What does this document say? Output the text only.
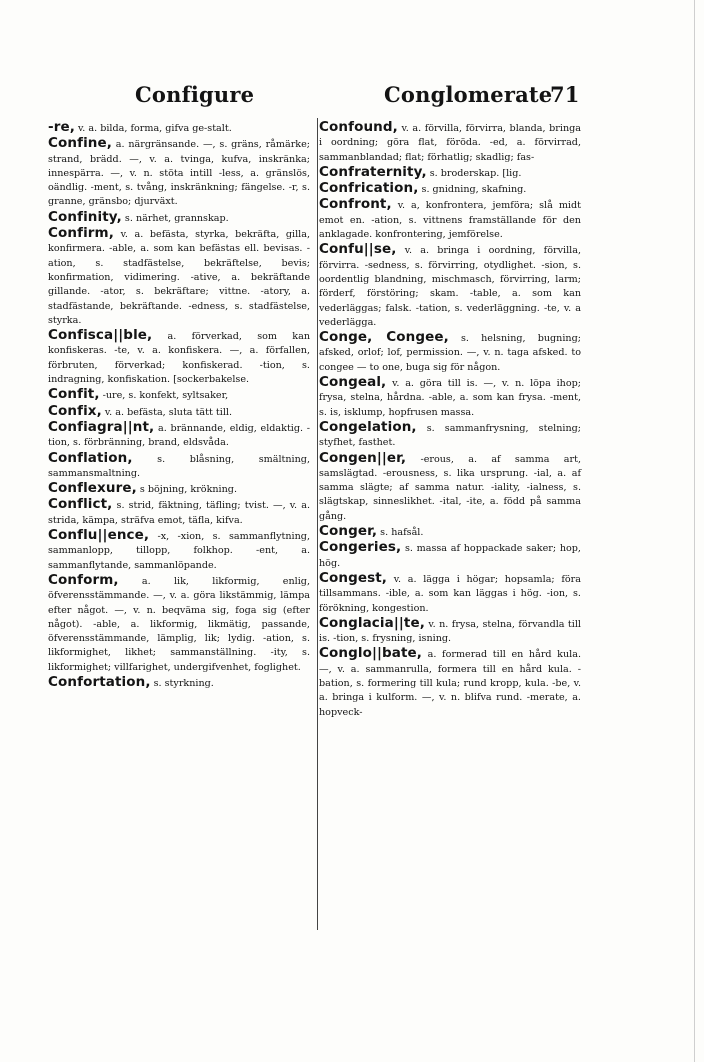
Configure	Conglomerate
71
-re, v. a. bilda, forma, gifva ge-stalt.
Confine, a. närgränsande. —, s. gräns, råmärke; strand, brädd. —, v. a. tvinga, kufva, inskränka; innespärra. —, v. n. stöta intill -less, a. gränslös, oändlig. -ment, s. tvång, inskränkning; fängelse. -r, s. granne, gränsbo; djurväxt.
Confinity, s. närhet, grannskap.
Confirm, v. a. befästa, styrka, bekräfta, gilla, konfirmera. -able, a. som kan befästas ell. bevisas. -ation, s. stadfästelse, bekräftelse, bevis; konfirmation, vidimering. -ative, a. bekräftande gillande. -ator, s. bekräftare; vittne. -atory, a. stadfästande, bekräftande. -edness, s. stadfästelse, styrka.
Confisca||ble, a. förverkad, som kan konfiskeras. -te, v. a. konfiskera. —, a. förfallen, förbruten, förverkad; konfiskerad. -tion, s. indragning, konfiskation. [sockerbakelse.
Confit, -ure, s. konfekt, syltsaker,
Confix, v. a. befästa, sluta tätt till.
Confiagra||nt, a. brännande, eldig, eldaktig. -tion, s. förbränning, brand, eldsvåda.
Conflation, s. blåsning, smältning, sammansmaltning.
Conflexure, s böjning, krökning.
Conflict, s. strid, fäktning, täfling; tvist. —, v. a. strida, kämpa, sträfva emot, täfla, kifva.
Conflu||ence, -x, -xion, s. sammanflytning, sammanlopp, tillopp, folkhop. -ent, a. sammanflytande, sammanlöpande.
Conform, a. lik, likformig, enlig, öfverensstämmande. —, v. a. göra likstämmig, lämpa efter något. —, v. n. beqväma sig, foga sig (efter något). -able, a. likformig, likmätig, passande, öfverensstämmande, lämplig, lik; lydig. -ation, s. likformighet, likhet; sammanställning. -ity, s. likformighet; villfarighet, undergifvenhet, foglighet.
Confortation, s. styrkning.
Confound, v. a. förvilla, förvirra, blanda, bringa i oordning; göra flat, förödа. -ed, a. förvirrad, sammanblandad; flat; förhatlig; skadlig; fas-
Confraternity, s. broderskap. [lig.
Confrication, s. gnidning, skafning.
Confront, v. a, konfrontera, jemföra; slå midt emot en. -ation, s. vittnens framställande för den anklagade. konfrontering, jemförelse.
Confu||se, v. a. bringa i oordning, förvilla, förvirra. -sedness, s. förvirring, otydlighet. -sion, s. oordentlig blandning, mischmasch, förvirring, larm; förderf, förstöring; skam. -table, a. som kan vederläggas; falsk. -tation, s. vederläggning. -te, v. a vederlägga.
Conge, Congee, s. helsning, bugning; afsked, orlof; lof, permission. —, v. n. taga afsked. to congee — to one, buga sig för någon.
Congeal, v. a. göra till is. —, v. n. löpa ihop; frysa, stelna, hårdna. -able, a. som kan frysa. -ment, s. is, isklump, hopfrusen massa.
Congelation, s. sammanfrysning, stelning; styfhet, fasthet.
Congen||er, -erous, a. af samma art, samslägtad. -erousness, s. lika ursprung. -ial, a. af samma slägte; af samma natur. -iality, -ialness, s. slägtskap, sinneslikhet. -ital, -ite, a. född på samma gång.
Conger, s. hafsål.
Congeries, s. massa af hoppackade saker; hop, hög.
Congest, v. a. lägga i högar; hopsamla; föra tillsammans. -ible, a. som kan läggas i hög. -ion, s. förökning, kongestion.
Conglacia||te, v. n. frysa, stelna, förvandla till is. -tion, s. frysning, isning.
Conglo||bate, a. formerad till en hård kula. —, v. a. sammanrulla, formera till en hård kula. -bation, s. formering till kula; rund kropp, kula. -be, v. a. bringa i kulform. —, v. n. blifva rund. -merate, a. hopveck-
